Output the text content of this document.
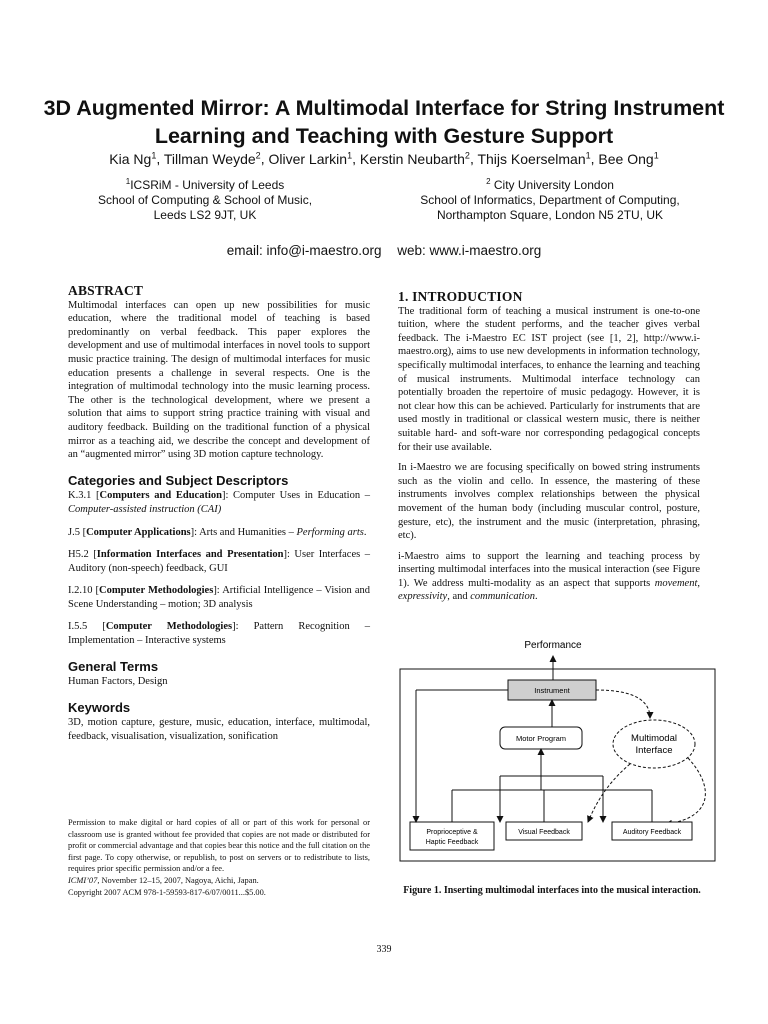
3D Augmented Mirror: A Multimodal Interface for String Instrument Learning and Teaching with Gesture Support
Kia Ng$^1$, Tillman Weyde$^2$, Oliver Larkin$^1$, Kerstin Neubarth$^2$, Thijs Koerselman$^1$, Bee Ong$^1$
$^1$ICSRiM - University of Leeds
School of Computing & School of Music,
Leeds LS2 9JT, UK
$^2$ City University London
School of Informatics, Department of Computing,
Northampton Square, London N5 2TU, UK
email: info@i-maestro.org web: www.i-maestro.org
ABSTRACT

Multimodal interfaces can open up new possibilities for music education, where the traditional model of teaching is based predominantly on verbal feedback. This paper explores the development and use of multimodal interfaces in novel tools to support music practice training. The design of multimodal interfaces for music education presents a challenge in several respects. One is the integration of multimodal technology into the music learning process. The other is the technological development, where we present a solution that aims to support string practice training with visual and auditory feedback. Building on the traditional function of a physical mirror as a teaching aid, we describe the concept and development of an “augmented mirror” using 3D motion capture technology.

Categories and Subject Descriptors

K.3.1 [Computers and Education]: Computer Uses in Education – Computer-assisted instruction (CAI)

J.5 [Computer Applications]: Arts and Humanities – Performing arts.

H5.2 [Information Interfaces and Presentation]: User Interfaces – Auditory (non-speech) feedback, GUI

I.2.10 [Computer Methodologies]: Artificial Intelligence – Vision and Scene Understanding – motion; 3D analysis

I.5.5 [Computer Methodologies]: Pattern Recognition – Implementation – Interactive systems

General Terms

Human Factors, Design

Keywords

3D, motion capture, gesture, music, education, interface, multimodal, feedback, visualisation, visualization, sonification

Permission to make digital or hard copies of all or part of this work for personal or classroom use is granted without fee provided that copies are not made or distributed for profit or commercial advantage and that copies bear this notice and the full citation on the first page. To copy otherwise, or republish, to post on servers or to redistribute to lists, requires prior specific permission and/or a fee.

ICMI’07, November 12–15, 2007, Nagoya, Aichi, Japan.

Copyright 2007 ACM 978-1-59593-817-6/07/0011...$5.00.

1. INTRODUCTION

The traditional form of teaching a musical instrument is one-to-one tuition, where the student performs, and the teacher gives verbal feedback. The i-Maestro EC IST project (see [1, 2], http://www.i-maestro.org), aims to use new developments in information technology, specifically multimodal interfaces, to enhance the learning and teaching of musical instruments. Multimodal interface technology can potentially broaden the repertoire of music pedagogy. However, it is not clear how this can be achieved. Particularly for instruments that are used mostly in traditional or classical western music, there is neither suitable hard- and soft-ware nor corresponding pedagogical concepts for their use available.

In i-Maestro we are focusing specifically on bowed string instruments such as the violin and cello. In essence, the mastering of these instruments involves complex relationships between the physical movement of the human body (including muscular control, posture, gesture, etc), the instrument and the music (interpretation, phrasing, etc).

i-Maestro aims to support the learning and teaching process by inserting multimodal interfaces into the musical interaction (see Figure 1). We address multi-modality as an aspect that supports movement, expressivity, and communication.

Performance
Instrument
Motor Program	Multimodal
Interface
Proprioceptive &
Haptic Feedback
Visual Feedback	Auditory Feedback
Figure 1. Inserting multimodal interfaces into the musical interaction.
339
